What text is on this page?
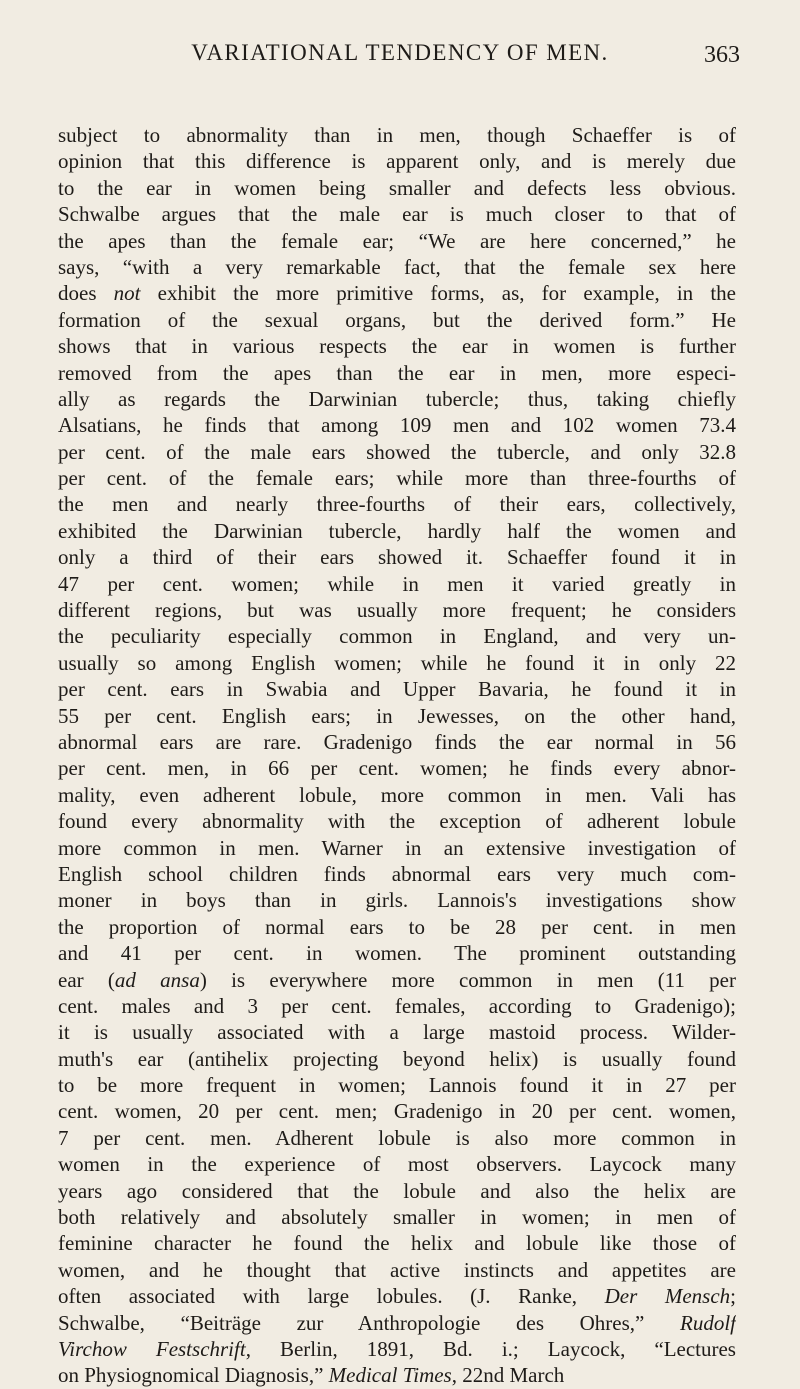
VARIATIONAL TENDENCY OF MEN.	363
subject to abnormality than in men, though Schaeffer is of
opinion that this difference is apparent only, and is merely due
to the ear in women being smaller and defects less obvious.
Schwalbe argues that the male ear is much closer to that of
the apes than the female ear; “We are here concerned,” he
says, “with a very remarkable fact, that the female sex here
does not exhibit the more primitive forms, as, for example, in the
formation of the sexual organs, but the derived form.” He
shows that in various respects the ear in women is further
removed from the apes than the ear in men, more especi-
ally as regards the Darwinian tubercle; thus, taking chiefly
Alsatians, he finds that among 109 men and 102 women 73.4
per cent. of the male ears showed the tubercle, and only 32.8
per cent. of the female ears; while more than three-fourths of
the men and nearly three-fourths of their ears, collectively,
exhibited the Darwinian tubercle, hardly half the women and
only a third of their ears showed it. Schaeffer found it in
47 per cent. women; while in men it varied greatly in
different regions, but was usually more frequent; he considers
the peculiarity especially common in England, and very un-
usually so among English women; while he found it in only 22
per cent. ears in Swabia and Upper Bavaria, he found it in
55 per cent. English ears; in Jewesses, on the other hand,
abnormal ears are rare. Gradenigo finds the ear normal in 56
per cent. men, in 66 per cent. women; he finds every abnor-
mality, even adherent lobule, more common in men. Vali has
found every abnormality with the exception of adherent lobule
more common in men. Warner in an extensive investigation of
English school children finds abnormal ears very much com-
moner in boys than in girls. Lannois's investigations show
the proportion of normal ears to be 28 per cent. in men
and 41 per cent. in women. The prominent outstanding
ear (ad ansa) is everywhere more common in men (11 per
cent. males and 3 per cent. females, according to Gradenigo);
it is usually associated with a large mastoid process. Wilder-
muth's ear (antihelix projecting beyond helix) is usually found
to be more frequent in women; Lannois found it in 27 per
cent. women, 20 per cent. men; Gradenigo in 20 per cent. women,
7 per cent. men. Adherent lobule is also more common in
women in the experience of most observers. Laycock many
years ago considered that the lobule and also the helix are
both relatively and absolutely smaller in women; in men of
feminine character he found the helix and lobule like those of
women, and he thought that active instincts and appetites are
often associated with large lobules. (J. Ranke, Der Mensch;
Schwalbe, “Beiträge zur Anthropologie des Ohres,” Rudolf
Virchow Festschrift, Berlin, 1891, Bd. i.; Laycock, “Lectures
on Physiognomical Diagnosis,” Medical Times, 22nd March
